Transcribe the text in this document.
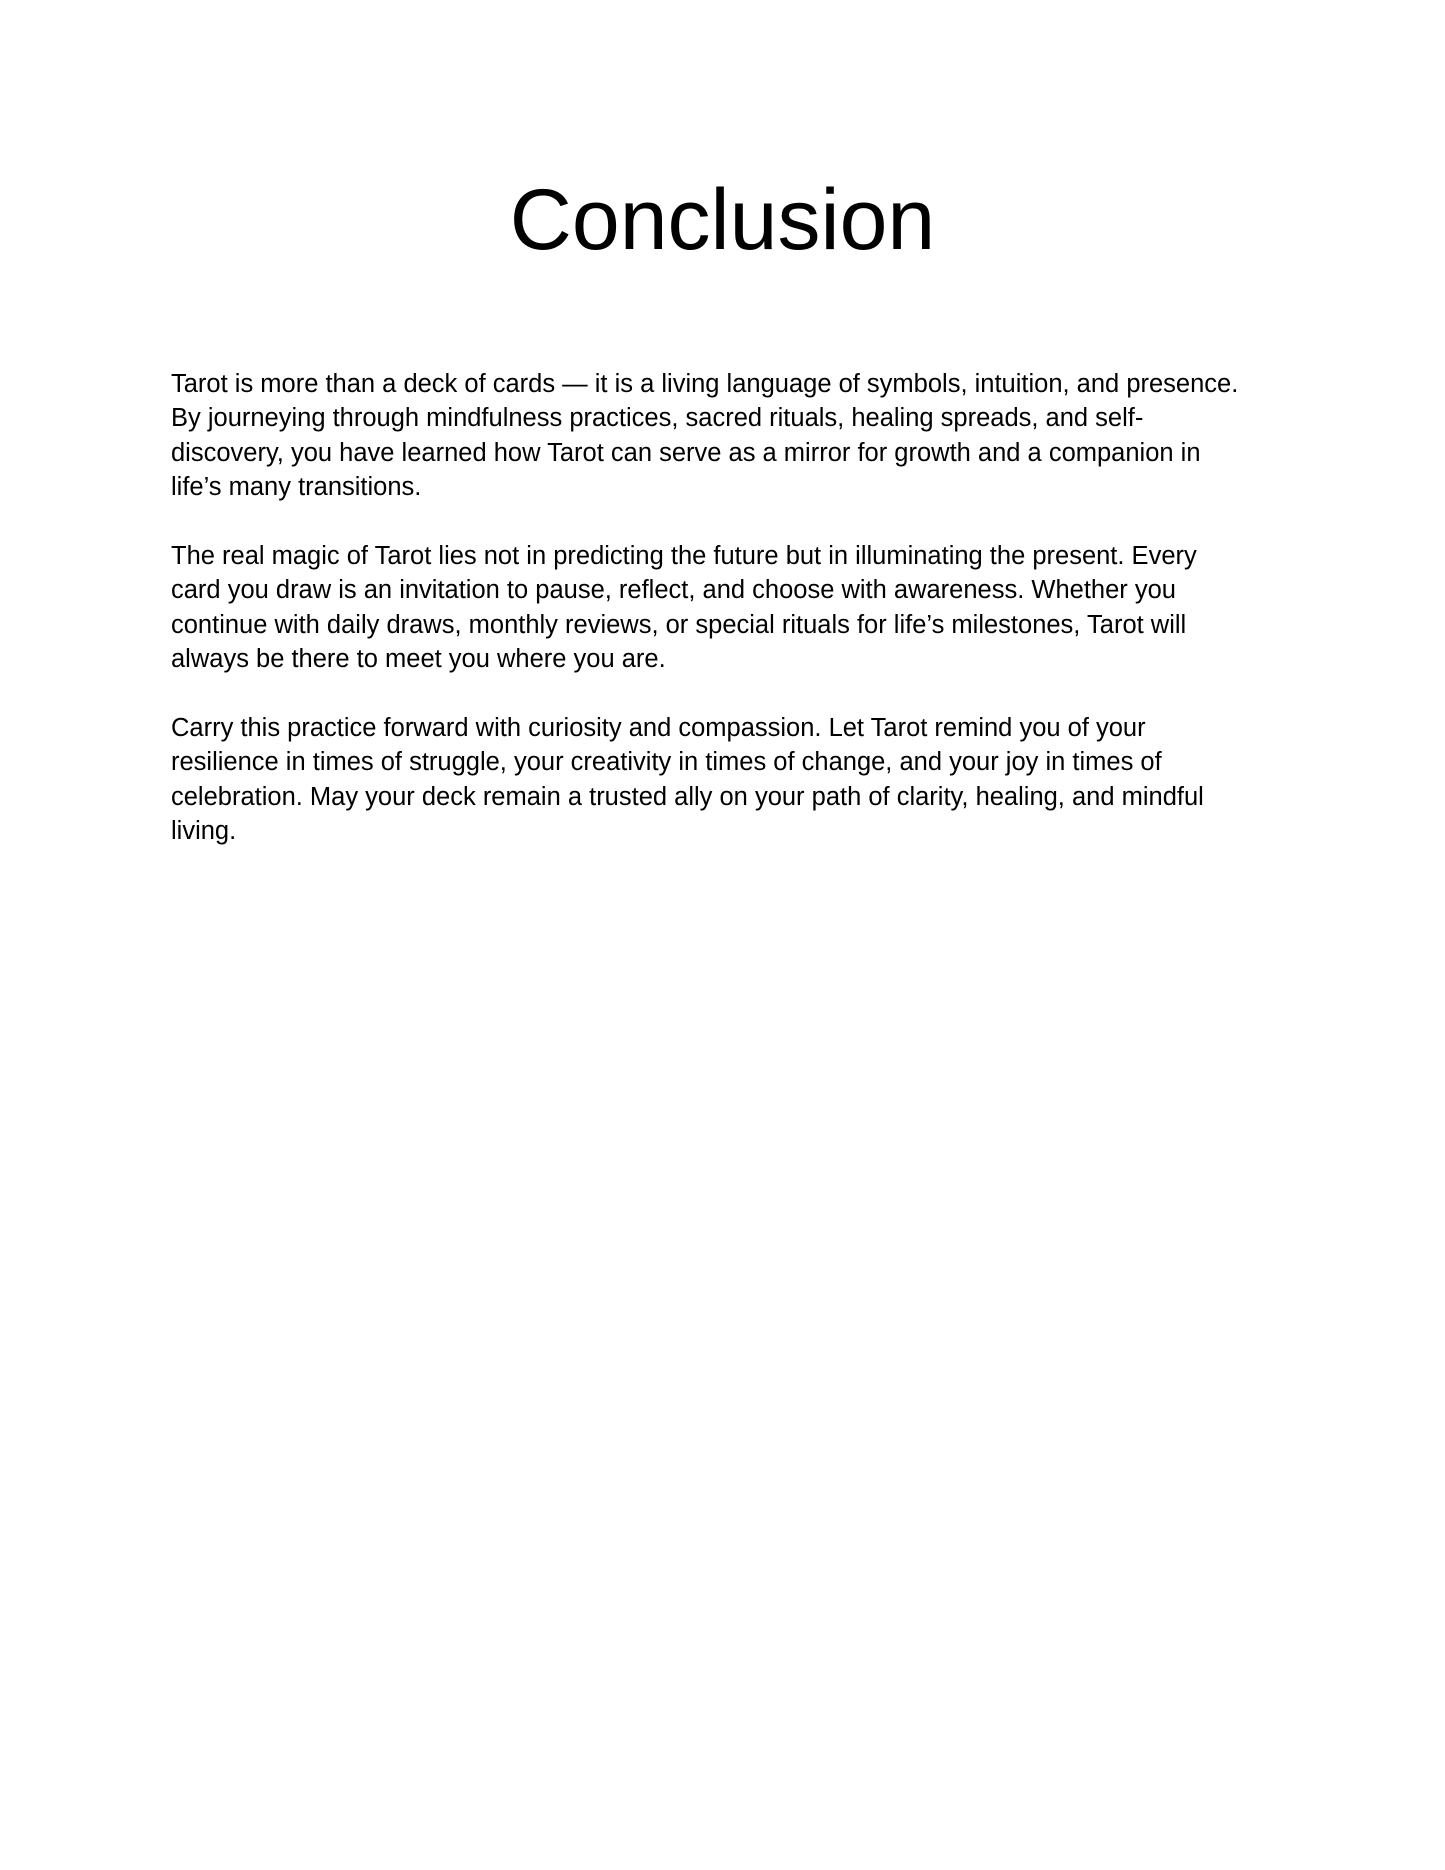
Conclusion

Tarot is more than a deck of cards — it is a living language of symbols, intuition, and presence.
By journeying through mindfulness practices, sacred rituals, healing spreads, and self-
discovery, you have learned how Tarot can serve as a mirror for growth and a companion in
life’s many transitions.

The real magic of Tarot lies not in predicting the future but in illuminating the present. Every
card you draw is an invitation to pause, reflect, and choose with awareness. Whether you
continue with daily draws, monthly reviews, or special rituals for life’s milestones, Tarot will
always be there to meet you where you are.

Carry this practice forward with curiosity and compassion. Let Tarot remind you of your
resilience in times of struggle, your creativity in times of change, and your joy in times of
celebration. May your deck remain a trusted ally on your path of clarity, healing, and mindful
living.
